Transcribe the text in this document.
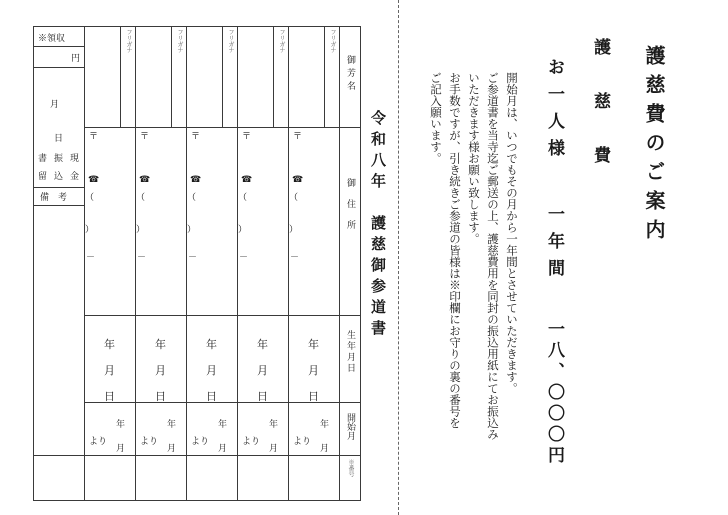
護慈費のご案内
護　慈　費
お一人様
一年間
一八、〇〇〇円
開始月は、いつでもその月から一年間とさせていただきます。
ご参道書を当寺迄ご郵送の上、護慈費用を同封の振込用紙にてお振込み
いただきます様お願い致します。
お手数ですが、引き続きご参道の皆様は※印欄にお守りの裏の番号を
ご記入願います。
令和八年　護慈御参道書
※領収
円
月
日
現
振
書
金
込
留
備　考
御芳名
御住所
生年月日
開始月
※番号
フリガナ
〒
☎
（
）
－
年
月
日
年
より
月
フリガナ
〒
☎
（
）
－
年
月
日
年
より
月
フリガナ
〒
☎
（
）
－
年
月
日
年
より
月
フリガナ
〒
☎
（
）
－
年
月
日
年
より
月
フリガナ
〒
☎
（
）
－
年
月
日
年
より
月
